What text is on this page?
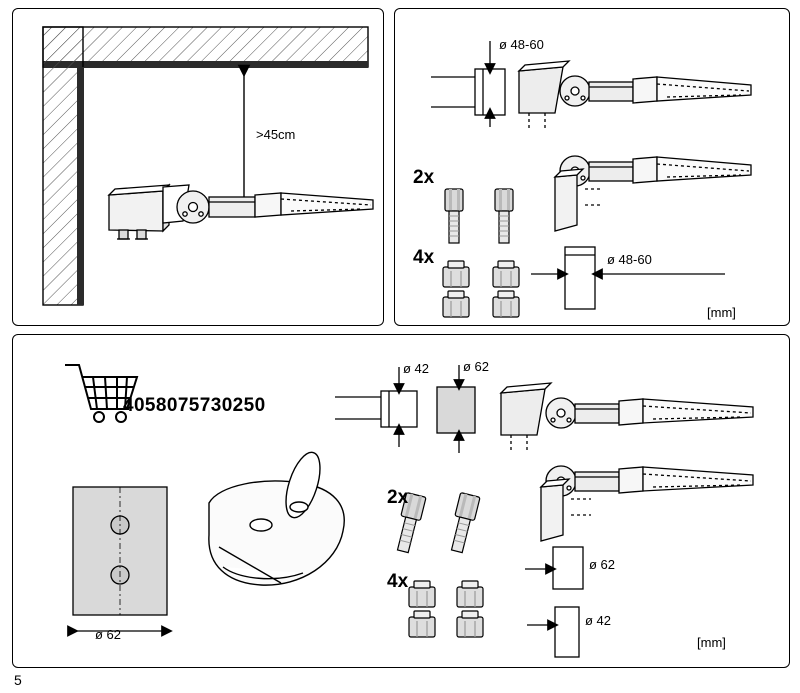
>45cm
ø 48-60
ø 48-60
[mm]
2x
4x
4058075730250
ø 42	ø 62
ø 62
ø 62
ø 42
[mm]
2x
4x
5
